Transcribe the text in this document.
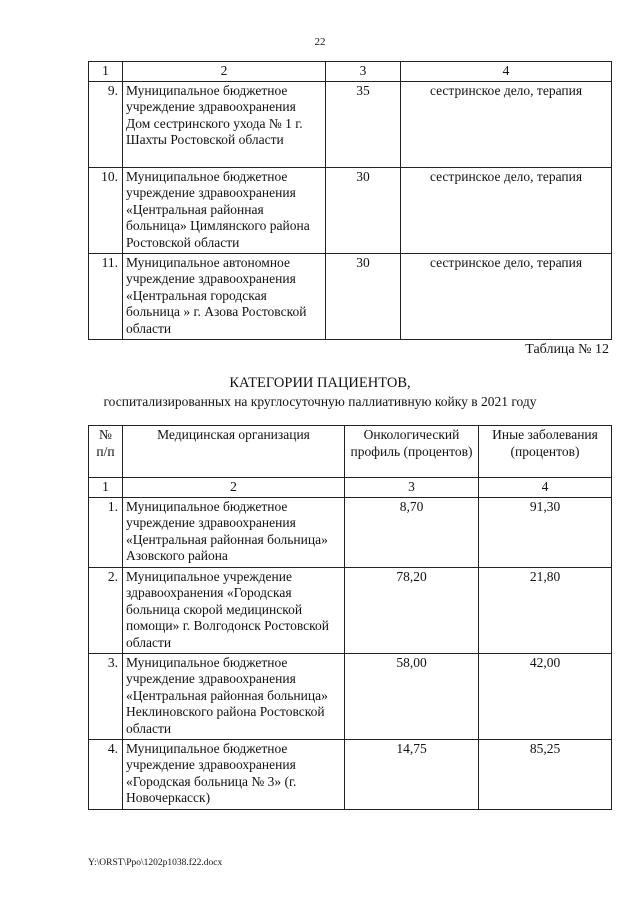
22
1	2	3	4
9.	Муниципальное бюджетное учреждение здравоохранения Дом сестринского ухода № 1 г. Шахты Ростовской области	35	сестринское дело, терапия
10.	Муниципальное бюджетное учреждение здравоохранения «Центральная районная больница» Цимлянского района Ростовской области	30	сестринское дело, терапия
11.	Муниципальное автономное учреждение здравоохранения «Центральная городская больница » г. Азова Ростовской области	30	сестринское дело, терапия
Таблица № 12
КАТЕГОРИИ ПАЦИЕНТОВ,
госпитализированных на круглосуточную паллиативную койку в 2021 году
№ п/п	Медицинская организация	Онкологический профиль (процентов)	Иные заболевания (процентов)
1	2	3	4
1.	Муниципальное бюджетное учреждение здравоохранения «Центральная районная больница» Азовского района	8,70	91,30
2.	Муниципальное учреждение здравоохранения «Городская больница скорой медицинской помощи» г. Волгодонск Ростовской области	78,20	21,80
3.	Муниципальное бюджетное учреждение здравоохранения «Центральная районная больница» Неклиновского района Ростовской области	58,00	42,00
4.	Муниципальное бюджетное учреждение здравоохранения «Городская больница № 3» (г. Новочеркасск)	14,75	85,25
Y:\ORST\Ppo\1202p1038.f22.docx
